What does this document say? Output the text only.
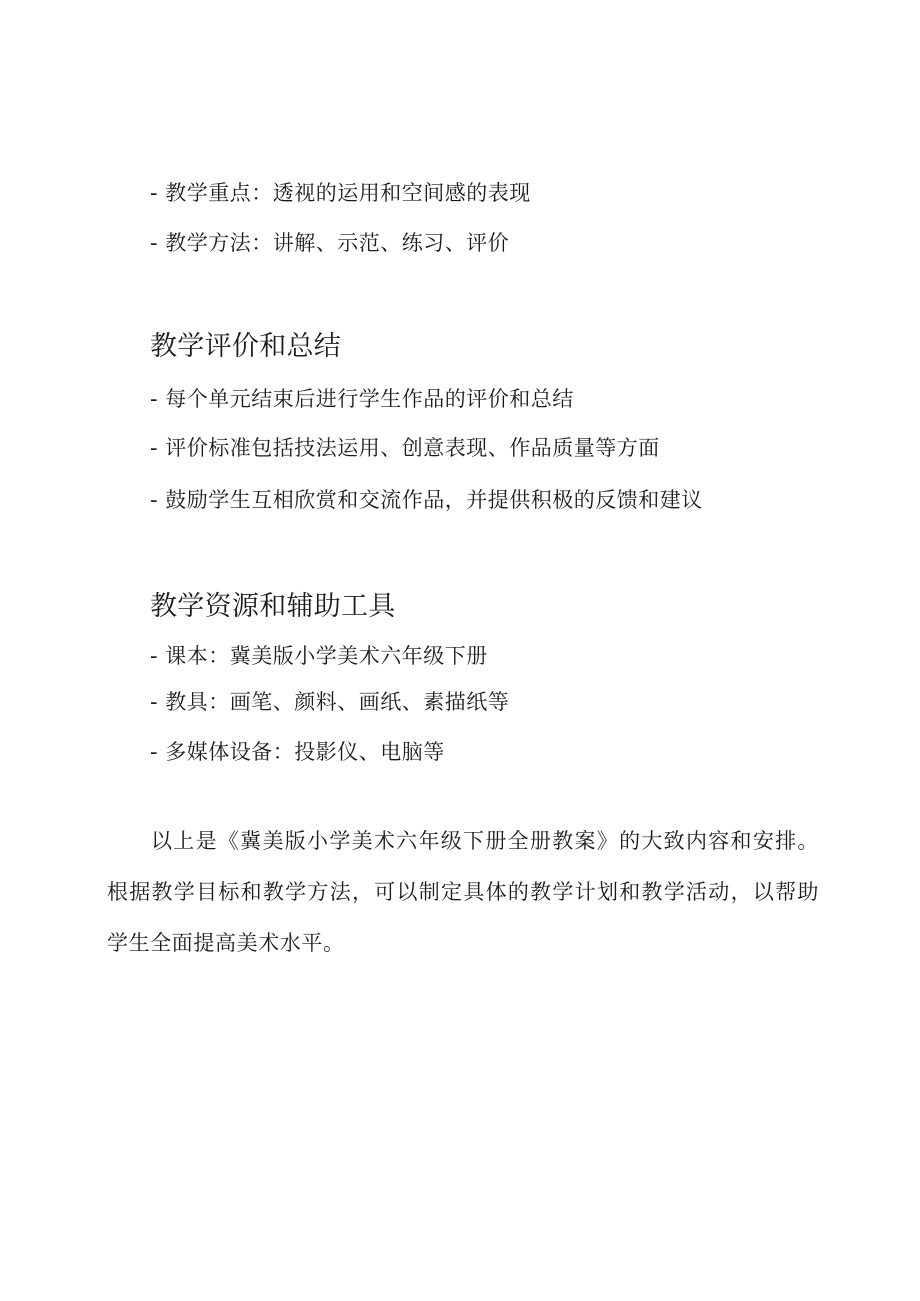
- 教学重点：透视的运用和空间感的表现
- 教学方法：讲解、示范、练习、评价
教学评价和总结
- 每个单元结束后进行学生作品的评价和总结
- 评价标准包括技法运用、创意表现、作品质量等方面
- 鼓励学生互相欣赏和交流作品，并提供积极的反馈和建议
教学资源和辅助工具
- 课本：冀美版小学美术六年级下册
- 教具：画笔、颜料、画纸、素描纸等
- 多媒体设备：投影仪、电脑等
以上是《冀美版小学美术六年级下册全册教案》的大致内容和安排。根据教学目标和教学方法，可以制定具体的教学计划和教学活动，以帮助学生全面提高美术水平。
